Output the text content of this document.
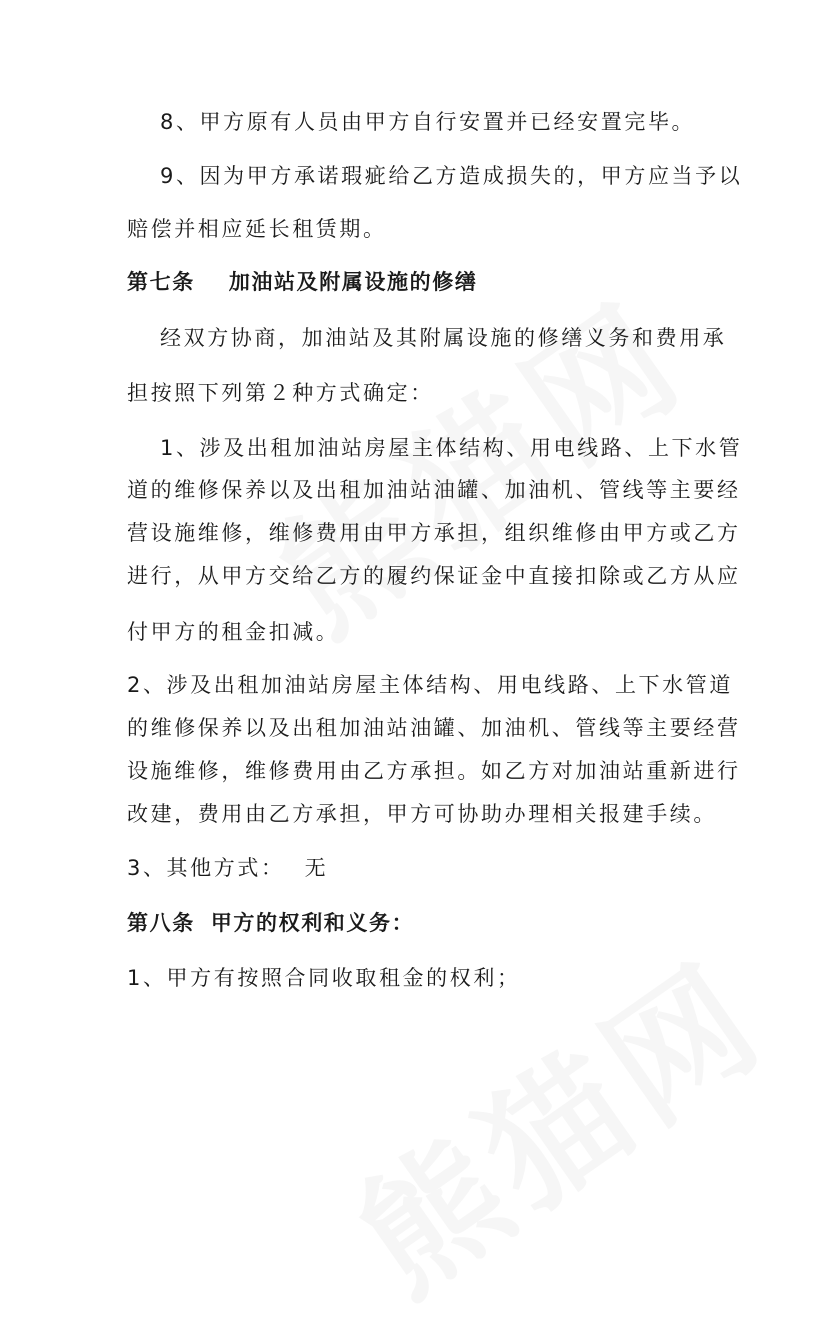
8、甲方原有人员由甲方自行安置并已经安置完毕。
9、因为甲方承诺瑕疵给乙方造成损失的，甲方应当予以
赔偿并相应延长租赁期。
第七条 加油站及附属设施的修缮
经双方协商，加油站及其附属设施的修缮义务和费用承
担按照下列第２种方式确定：
1、涉及出租加油站房屋主体结构、用电线路、上下水管
道的维修保养以及出租加油站油罐、加油机、管线等主要经
营设施维修，维修费用由甲方承担，组织维修由甲方或乙方
进行，从甲方交给乙方的履约保证金中直接扣除或乙方从应
付甲方的租金扣减。
2、涉及出租加油站房屋主体结构、用电线路、上下水管道
的维修保养以及出租加油站油罐、加油机、管线等主要经营
设施维修，维修费用由乙方承担。如乙方对加油站重新进行
改建，费用由乙方承担，甲方可协助办理相关报建手续。
3、其他方式： 无
第八条 甲方的权利和义务：
1、甲方有按照合同收取租金的权利；
